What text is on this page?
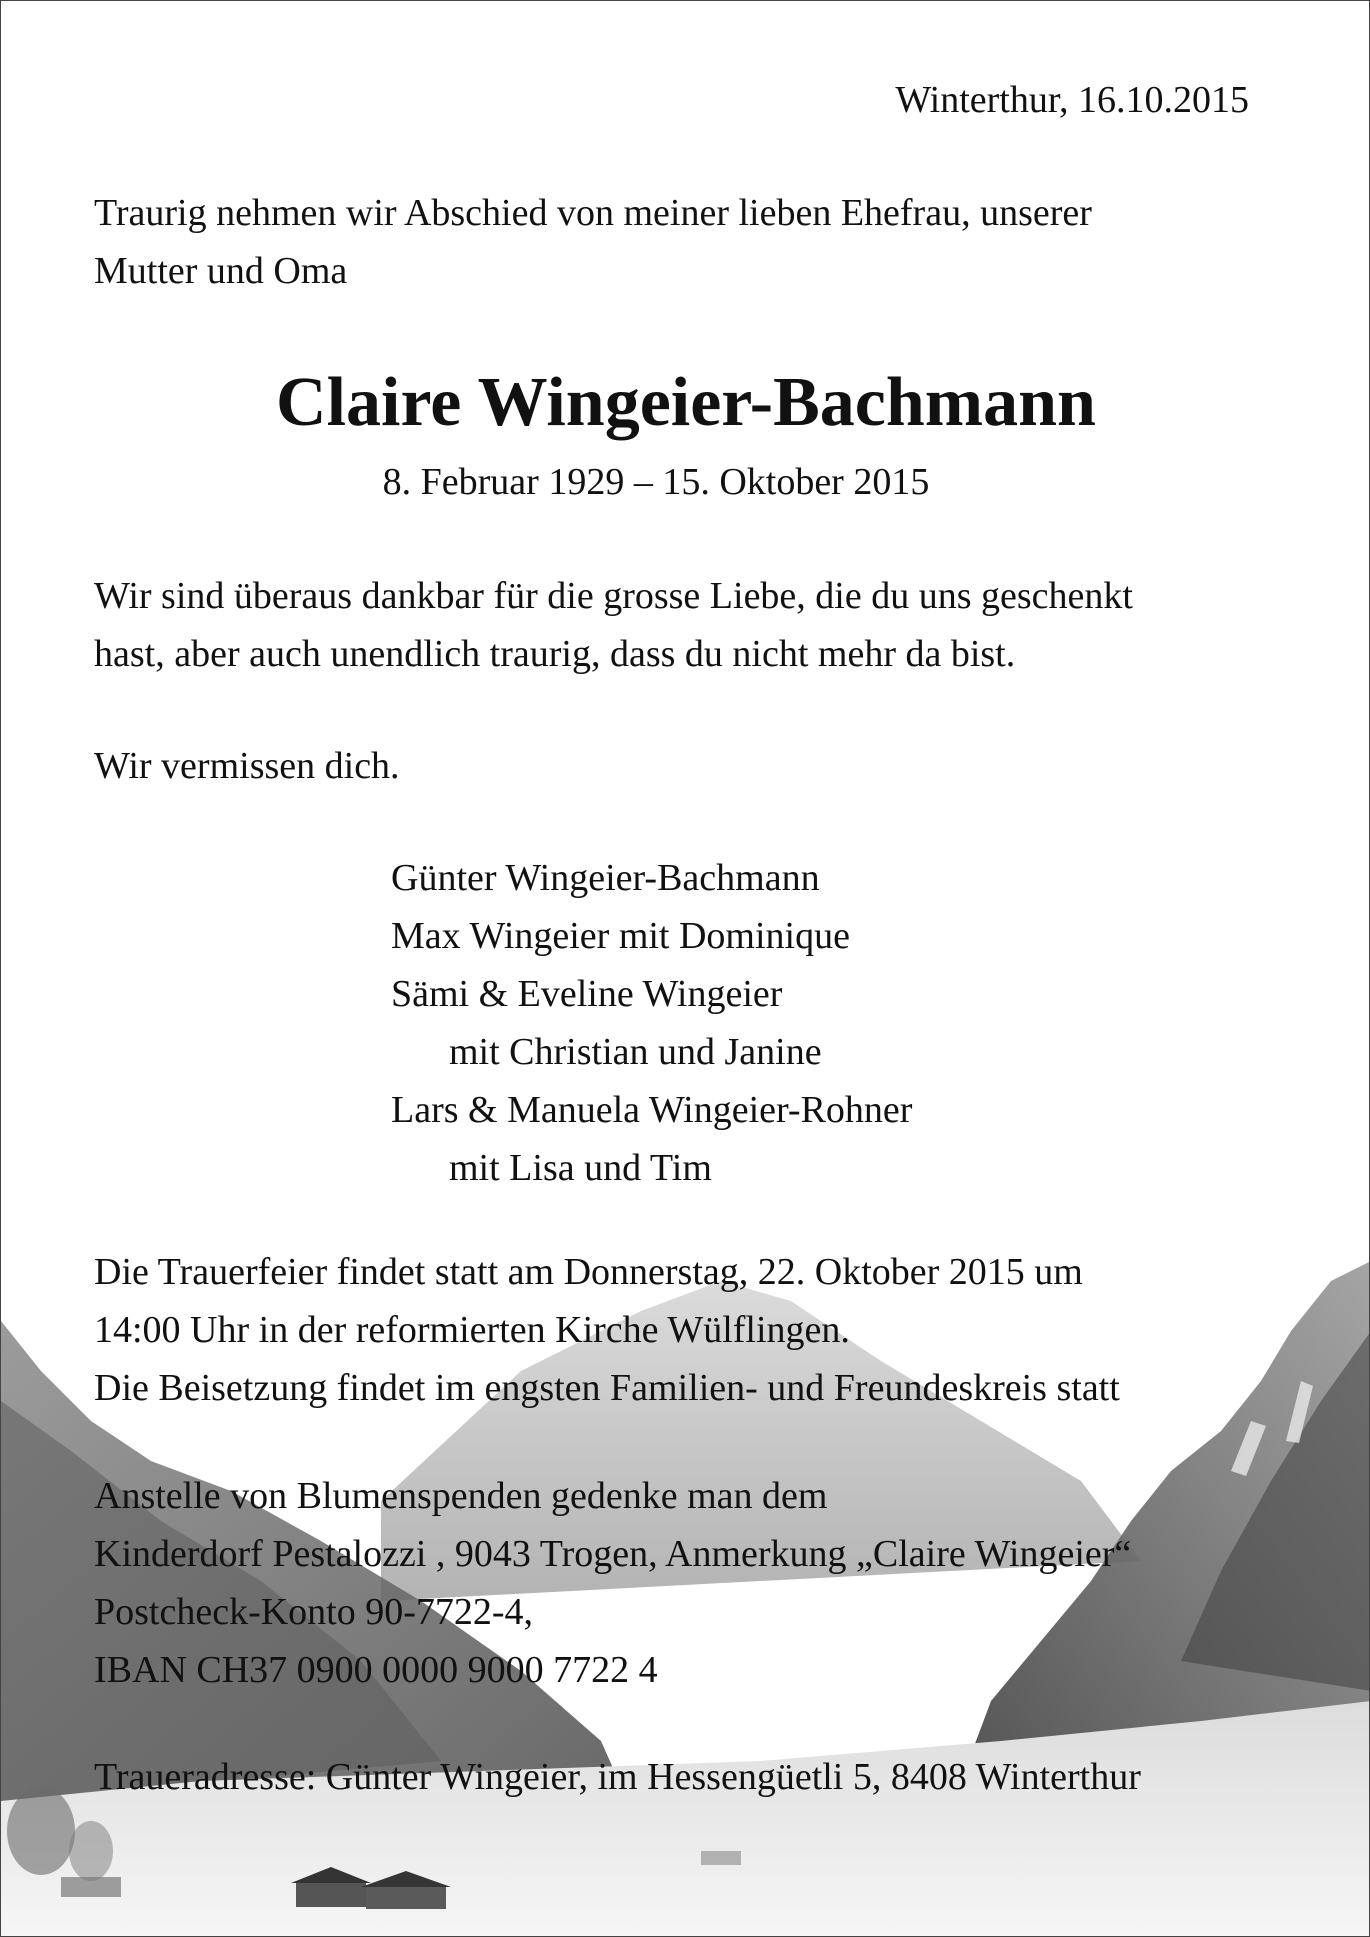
Winterthur, 16.10.2015

Traurig nehmen wir Abschied von meiner lieben Ehefrau, unserer
Mutter und Oma

Claire Wingeier-Bachmann

8. Februar 1929 – 15. Oktober 2015

Wir sind überaus dankbar für die grosse Liebe, die du uns geschenkt
hast, aber auch unendlich traurig, dass du nicht mehr da bist.

Wir vermissen dich.

Günter Wingeier-Bachmann
Max Wingeier mit Dominique
Sämi & Eveline Wingeier
mit Christian und Janine
Lars & Manuela Wingeier-Rohner
mit Lisa und Tim

Die Trauerfeier findet statt am Donnerstag, 22. Oktober 2015 um
14:00 Uhr in der reformierten Kirche Wülflingen.
Die Beisetzung findet im engsten Familien- und Freundeskreis statt

Anstelle von Blumenspenden gedenke man dem
Kinderdorf Pestalozzi , 9043 Trogen, Anmerkung „Claire Wingeier“
Postcheck-Konto 90-7722-4,
IBAN CH37 0900 0000 9000 7722 4

Traueradresse: Günter Wingeier, im Hessengüetli 5, 8408 Winterthur
